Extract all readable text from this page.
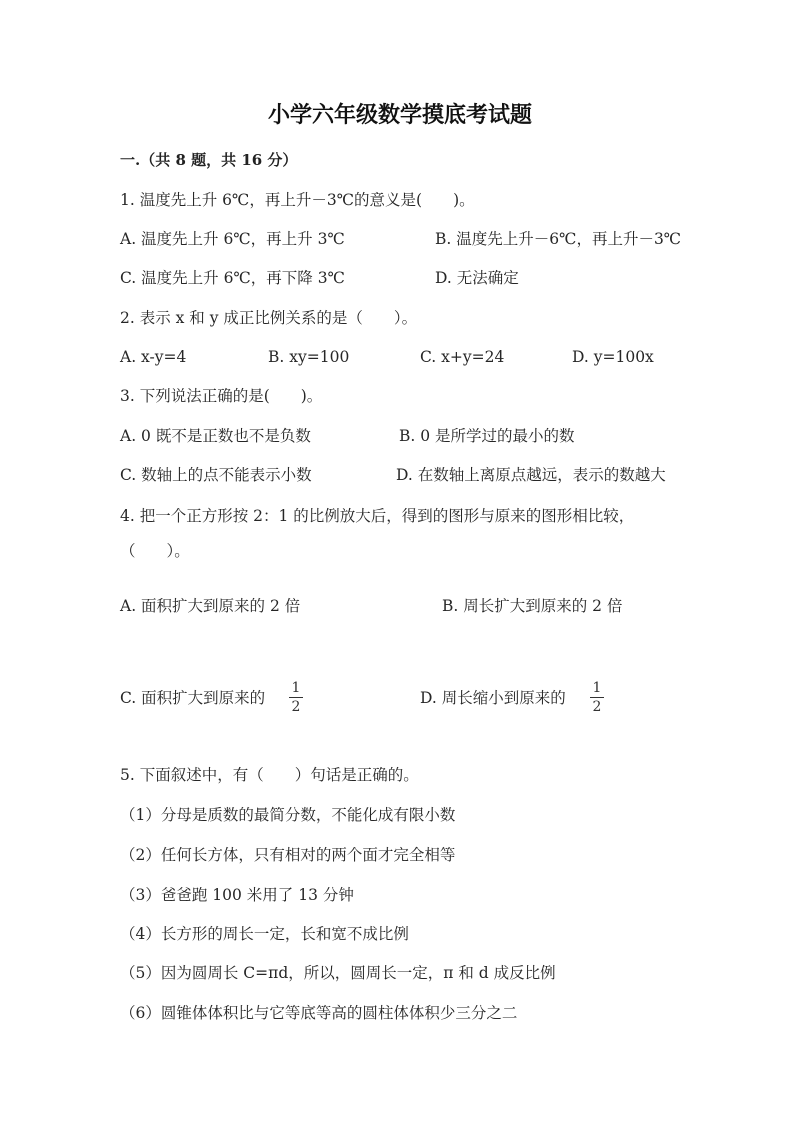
小学六年级数学摸底考试题
一.（共 8 题，共 16 分）
1. 温度先上升 6℃，再上升－3℃的意义是(　　)。
A. 温度先上升 6℃，再上升 3℃	B. 温度先上升－6℃，再上升－3℃
C. 温度先上升 6℃，再下降 3℃	D. 无法确定
2. 表示 x 和 y 成正比例关系的是（　　）。
A. x-y=4	B. xy=100	C. x+y=24	D. y=100x
3. 下列说法正确的是(　　)。
A. 0 既不是正数也不是负数	B. 0 是所学过的最小的数
C. 数轴上的点不能表示小数	D. 在数轴上离原点越远，表示的数越大
4. 把一个正方形按 2：1 的比例放大后，得到的图形与原来的图形相比较，
（　　）。
A. 面积扩大到原来的 2 倍	B. 周长扩大到原来的 2 倍
C. 面积扩大到原来的
1
2	D. 周长缩小到原来的
1
2
5. 下面叙述中，有（　　）句话是正确的。
（1）分母是质数的最简分数，不能化成有限小数
（2）任何长方体，只有相对的两个面才完全相等
（3）爸爸跑 100 米用了 13 分钟
（4）长方形的周长一定，长和宽不成比例
（5）因为圆周长 C=πd，所以，圆周长一定，π 和 d 成反比例
（6）圆锥体体积比与它等底等高的圆柱体体积少三分之二
